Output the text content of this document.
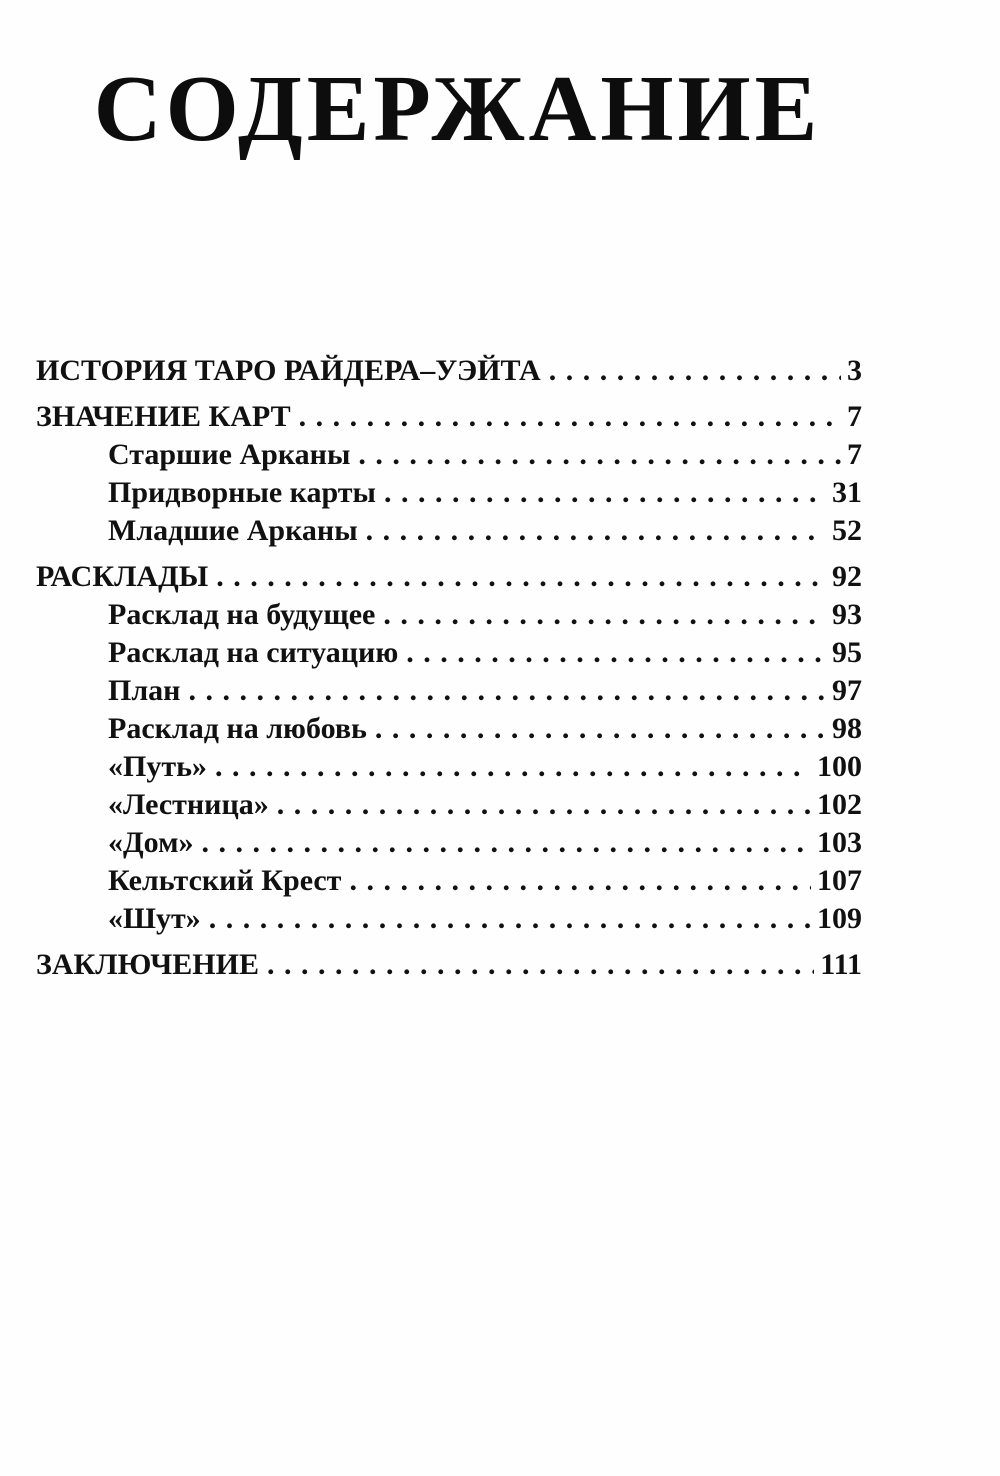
СОДЕРЖАНИЕ
ИСТОРИЯ ТАРО РАЙДЕРА–УЭЙТА . . .	3
ЗНАЧЕНИЕ КАРТ . . .	7
Старшие Арканы . . .	7
Придворные карты . . .	31
Младшие Арканы . . .	52
РАСКЛАДЫ . . .	92
Расклад на будущее . . .	93
Расклад на ситуацию . . .	95
План . . .	97
Расклад на любовь . . .	98
«Путь» . . .	100
«Лестница» . . .	102
«Дом» . . .	103
Кельтский Крест . . .	107
«Шут» . . .	109
ЗАКЛЮЧЕНИЕ . . .	111
